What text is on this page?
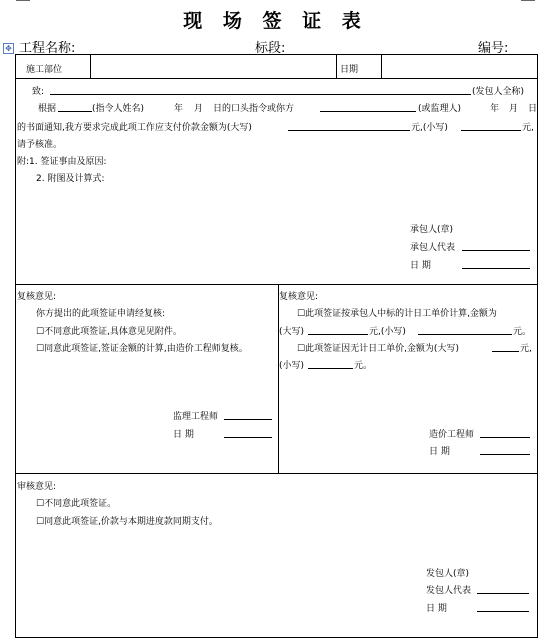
现 场 签 证 表
✥ 工程名称:	标段:	编号:
施工部位	日期
致:	(发包人全称)
根据	(指令人姓名)	年 月 日的口头指令或你方	(或监理人)	年 月 日
的书面通知,我方要求完成此项工作应支付价款金额为(大写)	元,(小写)	元,
请予核准。
附:1. 签证事由及原因:
2. 附图及计算式:
承包人(章)
承包人代表
日 期
复核意见:
你方提出的此项签证申请经复核:
☐不同意此项签证,具体意见见附件。
☐同意此项签证,签证金额的计算,由造价工程师复核。
监理工程师
日 期
复核意见:
☐此项签证按承包人中标的计日工单价计算,金额为
(大写)	元,(小写)	元。
☐此项签证因无计日工单价,金额为(大写)	元,
(小写)	元。
造价工程师
日 期
审核意见:
☐不同意此项签证。
☐同意此项签证,价款与本期进度款同期支付。
发包人(章)
发包人代表
日 期
